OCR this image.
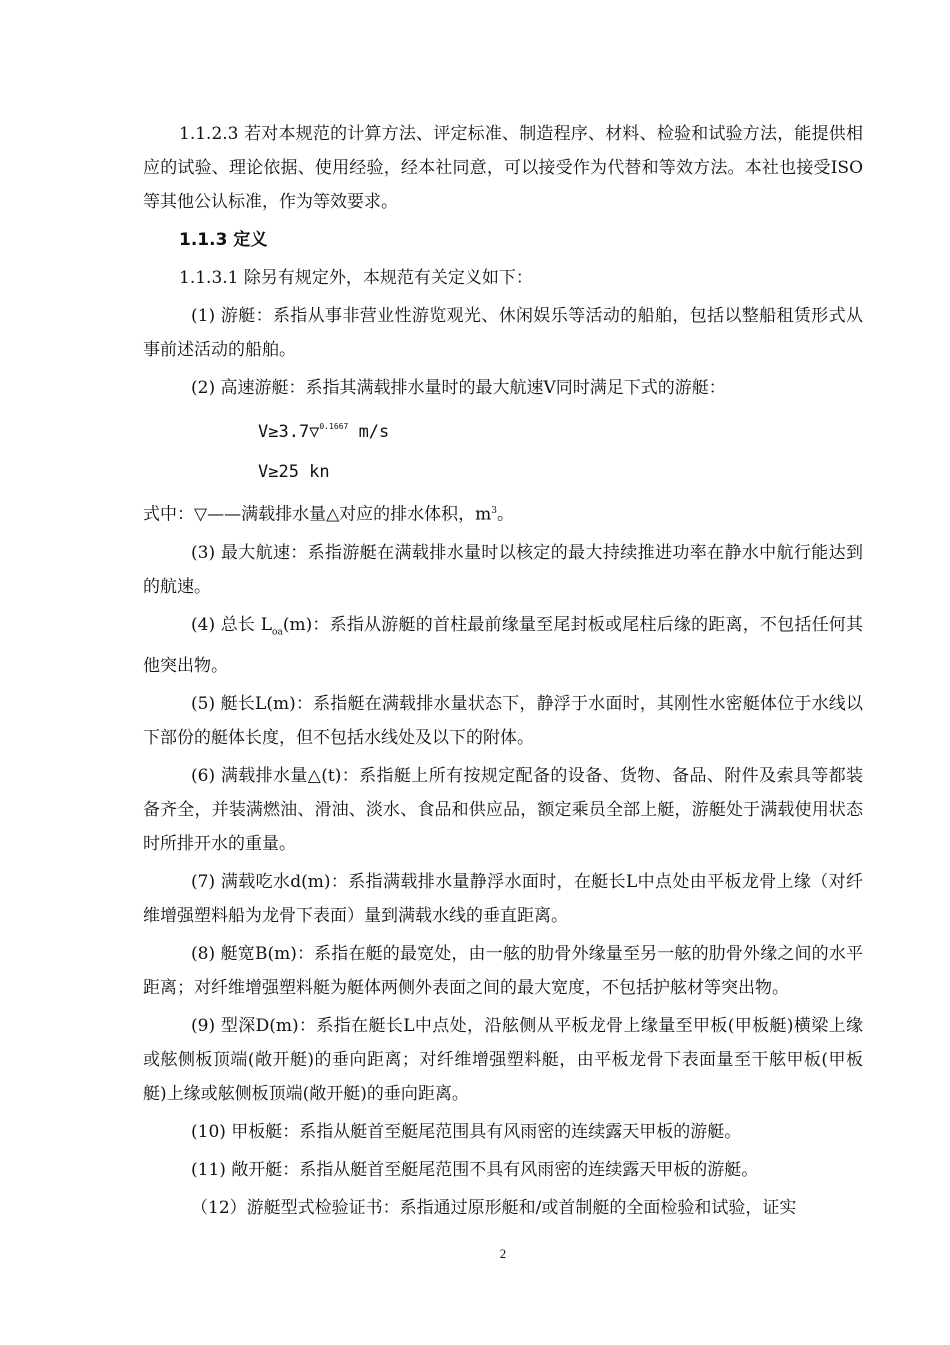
1.1.2.3 若对本规范的计算方法、评定标准、制造程序、材料、检验和试验方法，能提供相应的试验、理论依据、使用经验，经本社同意，可以接受作为代替和等效方法。本社也接受ISO等其他公认标准，作为等效要求。

1.1.3 定义

1.1.3.1 除另有规定外，本规范有关定义如下：

(1) 游艇：系指从事非营业性游览观光、休闲娱乐等活动的船舶，包括以整船租赁形式从事前述活动的船舶。

(2) 高速游艇：系指其满载排水量时的最大航速V同时满足下式的游艇：

V≥3.7▽$^{0.1667}$ m/s
V≥25 kn

式中：▽——满载排水量△对应的排水体积，$m^3$。

(3) 最大航速：系指游艇在满载排水量时以核定的最大持续推进功率在静水中航行能达到的航速。

(4) 总长 $L_{oa}(m)$：系指从游艇的首柱最前缘量至尾封板或尾柱后缘的距离，不包括任何其他突出物。

(5) 艇长L(m)：系指艇在满载排水量状态下，静浮于水面时，其刚性水密艇体位于水线以下部份的艇体长度，但不包括水线处及以下的附体。

(6) 满载排水量△(t)：系指艇上所有按规定配备的设备、货物、备品、附件及索具等都装备齐全，并装满燃油、滑油、淡水、食品和供应品，额定乘员全部上艇，游艇处于满载使用状态时所排开水的重量。

(7) 满载吃水d(m)：系指满载排水量静浮水面时，在艇长L中点处由平板龙骨上缘（对纤维增强塑料船为龙骨下表面）量到满载水线的垂直距离。

(8) 艇宽B(m)：系指在艇的最宽处，由一舷的肋骨外缘量至另一舷的肋骨外缘之间的水平距离；对纤维增强塑料艇为艇体两侧外表面之间的最大宽度，不包括护舷材等突出物。

(9) 型深D(m)：系指在艇长L中点处，沿舷侧从平板龙骨上缘量至甲板(甲板艇)横梁上缘或舷侧板顶端(敞开艇)的垂向距离；对纤维增强塑料艇，由平板龙骨下表面量至干舷甲板(甲板艇)上缘或舷侧板顶端(敞开艇)的垂向距离。

(10) 甲板艇：系指从艇首至艇尾范围具有风雨密的连续露天甲板的游艇。

(11) 敞开艇：系指从艇首至艇尾范围不具有风雨密的连续露天甲板的游艇。

（12）游艇型式检验证书：系指通过原形艇和/或首制艇的全面检验和试验，证实

2
